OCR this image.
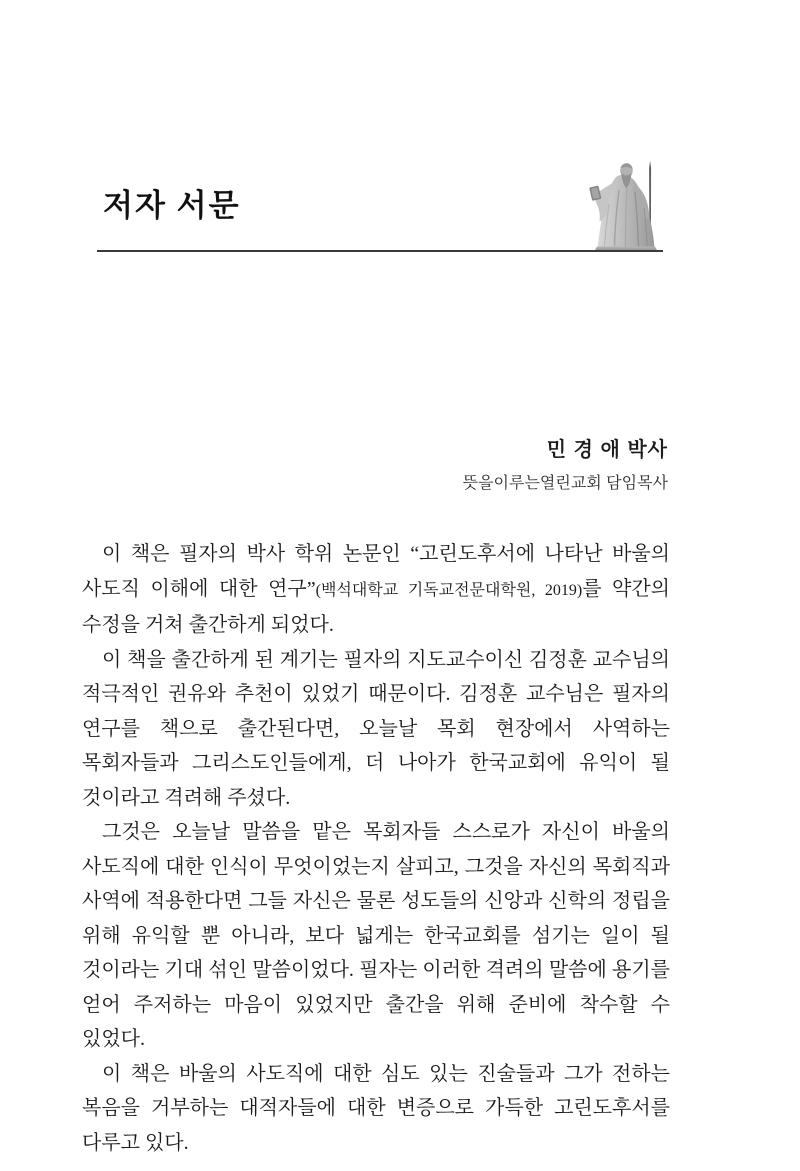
저자 서문
민 경 애 박사
뜻을이루는열린교회 담임목사

이 책은 필자의 박사 학위 논문인 “고린도후서에 나타난 바울의 사도직 이해에 대한 연구”(백석대학교 기독교전문대학원, 2019)를 약간의 수정을 거쳐 출간하게 되었다.

이 책을 출간하게 된 계기는 필자의 지도교수이신 김정훈 교수님의 적극적인 권유와 추천이 있었기 때문이다. 김정훈 교수님은 필자의 연구를 책으로 출간된다면, 오늘날 목회 현장에서 사역하는 목회자들과 그리스도인들에게, 더 나아가 한국교회에 유익이 될 것이라고 격려해 주셨다.

그것은 오늘날 말씀을 맡은 목회자들 스스로가 자신이 바울의 사도직에 대한 인식이 무엇이었는지 살피고, 그것을 자신의 목회직과 사역에 적용한다면 그들 자신은 물론 성도들의 신앙과 신학의 정립을 위해 유익할 뿐 아니라, 보다 넓게는 한국교회를 섬기는 일이 될 것이라는 기대 섞인 말씀이었다. 필자는 이러한 격려의 말씀에 용기를 얻어 주저하는 마음이 있었지만 출간을 위해 준비에 착수할 수 있었다.

이 책은 바울의 사도직에 대한 심도 있는 진술들과 그가 전하는 복음을 거부하는 대적자들에 대한 변증으로 가득한 고린도후서를 다루고 있다.
